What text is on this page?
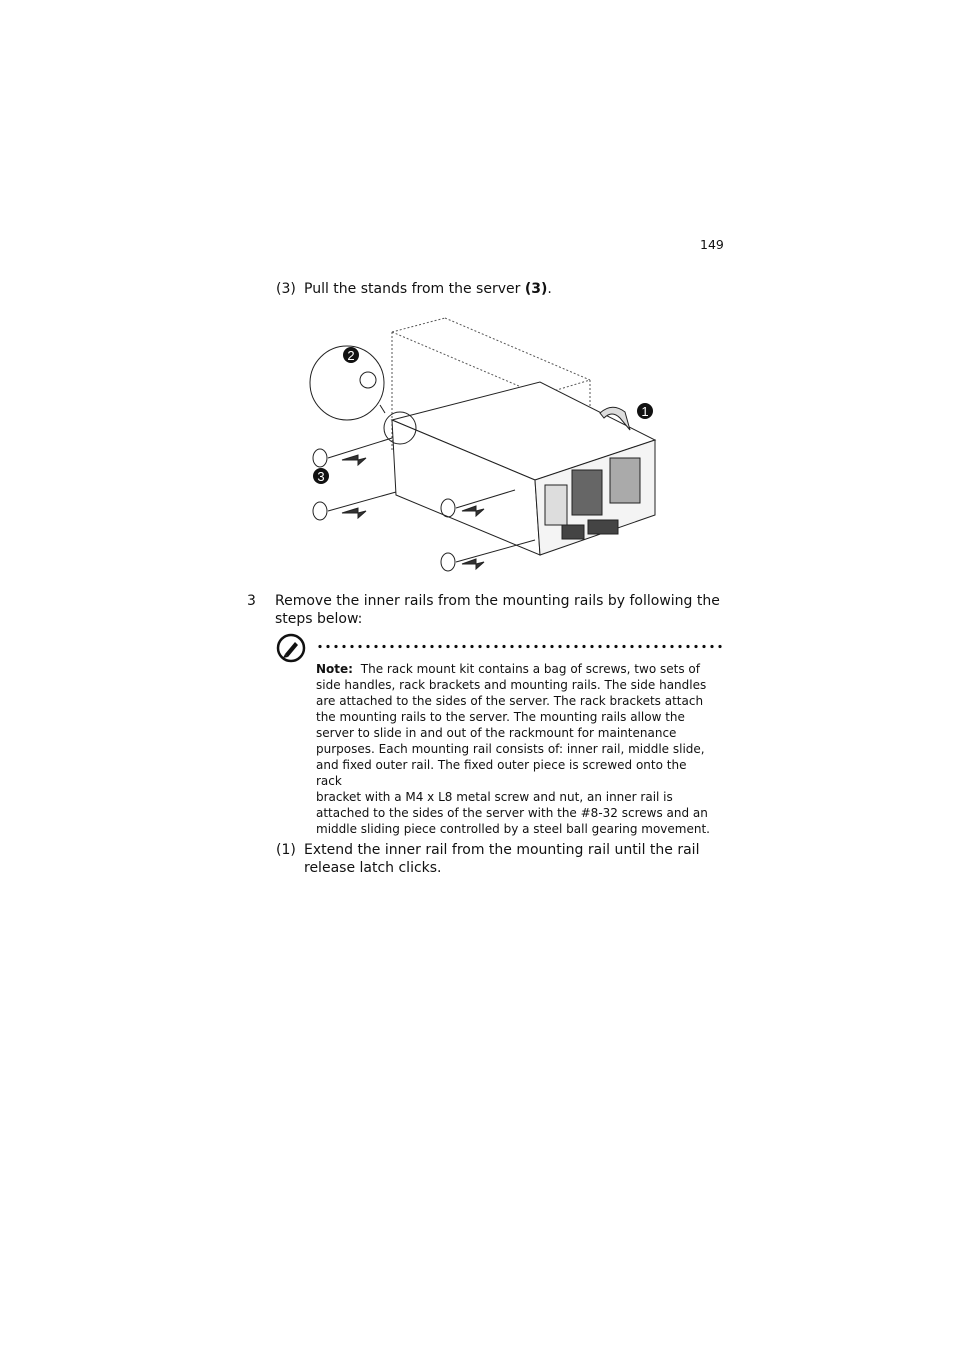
149
(3) Pull the stands from the server (3).
1
2
3
3 Remove the inner rails from the mounting rails by following the
steps below:
Note: The rack mount kit contains a bag of screws, two sets of
side handles, rack brackets and mounting rails. The side handles
are attached to the sides of the server. The rack brackets attach
the mounting rails to the server. The mounting rails allow the
server to slide in and out of the rackmount for maintenance
purposes. Each mounting rail consists of: inner rail, middle slide,
and fixed outer rail. The fixed outer piece is screwed onto the rack
bracket with a M4 x L8 metal screw and nut, an inner rail is
attached to the sides of the server with the #8-32 screws and an
middle sliding piece controlled by a steel ball gearing movement.
(1) Extend the inner rail from the mounting rail until the rail
release latch clicks.
